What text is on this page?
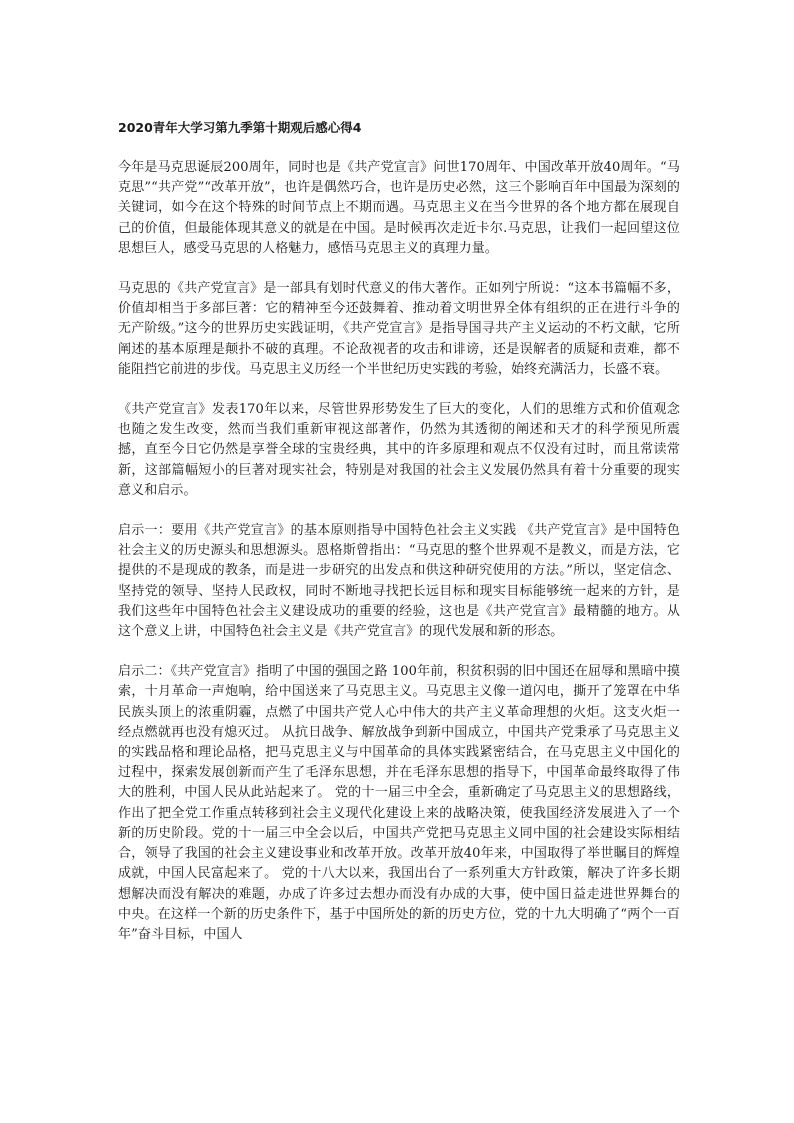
2020青年大学习第九季第十期观后感心得4

今年是马克思诞辰200周年，同时也是《共产党宣言》问世170周年、中国改革开放40周年。“马克思”“共产党”“改革开放”，也许是偶然巧合，也许是历史必然，这三个影响百年中国最为深刻的关键词，如今在这个特殊的时间节点上不期而遇。马克思主义在当今世界的各个地方都在展现自己的价值，但最能体现其意义的就是在中国。是时候再次走近卡尔.马克思，让我们一起回望这位思想巨人，感受马克思的人格魅力，感悟马克思主义的真理力量。

马克思的《共产党宣言》是一部具有划时代意义的伟大著作。正如列宁所说：“这本书篇幅不多，价值却相当于多部巨著：它的精神至今还鼓舞着、推动着文明世界全体有组织的正在进行斗争的无产阶级。”这今的世界历史实践证明，《共产党宣言》是指导国寻共产主义运动的不朽文献，它所阐述的基本原理是颠扑不破的真理。不论敌视者的攻击和诽谤，还是误解者的质疑和责难，都不能阻挡它前进的步伐。马克思主义历经一个半世纪历史实践的考验，始终充满活力，长盛不衰。

《共产党宣言》发表170年以来，尽管世界形势发生了巨大的变化，人们的思维方式和价值观念也随之发生改变，然而当我们重新审视这部著作，仍然为其透彻的阐述和天才的科学预见所震撼，直至今日它仍然是享誉全球的宝贵经典，其中的许多原理和观点不仅没有过时，而且常读常新，这部篇幅短小的巨著对现实社会，特别是对我国的社会主义发展仍然具有着十分重要的现实意义和启示。

启示一：要用《共产党宣言》的基本原则指导中国特色社会主义实践 《共产党宣言》是中国特色社会主义的历史源头和思想源头。恩格斯曾指出：“马克思的整个世界观不是教义，而是方法，它提供的不是现成的教条，而是进一步研究的出发点和供这种研究使用的方法。”所以，坚定信念、坚持党的领导、坚持人民政权，同时不断地寻找把长远目标和现实目标能够统一起来的方针，是我们这些年中国特色社会主义建设成功的重要的经验，这也是《共产党宣言》最精髓的地方。从这个意义上讲，中国特色社会主义是《共产党宣言》的现代发展和新的形态。

启示二：《共产党宣言》指明了中国的强国之路 100年前，积贫积弱的旧中国还在屈辱和黑暗中摸索，十月革命一声炮响，给中国送来了马克思主义。马克思主义像一道闪电，撕开了笼罩在中华民族头顶上的浓重阴霾，点燃了中国共产党人心中伟大的共产主义革命理想的火炬。这支火炬一经点燃就再也没有熄灭过。 从抗日战争、解放战争到新中国成立，中国共产党秉承了马克思主义的实践品格和理论品格，把马克思主义与中国革命的具体实践紧密结合，在马克思主义中国化的过程中，探索发展创新而产生了毛泽东思想，并在毛泽东思想的指导下，中国革命最终取得了伟大的胜利，中国人民从此站起来了。 党的十一届三中全会，重新确定了马克思主义的思想路线，作出了把全党工作重点转移到社会主义现代化建设上来的战略决策，使我国经济发展进入了一个新的历史阶段。党的十一届三中全会以后，中国共产党把马克思主义同中国的社会建设实际相结合，领导了我国的社会主义建设事业和改革开放。改革开放40年来，中国取得了举世瞩目的辉煌成就，中国人民富起来了。 党的十八大以来，我国出台了一系列重大方针政策，解决了许多长期想解决而没有解决的难题，办成了许多过去想办而没有办成的大事，使中国日益走进世界舞台的中央。在这样一个新的历史条件下，基于中国所处的新的历史方位，党的十九大明确了“两个一百年”奋斗目标，中国人
